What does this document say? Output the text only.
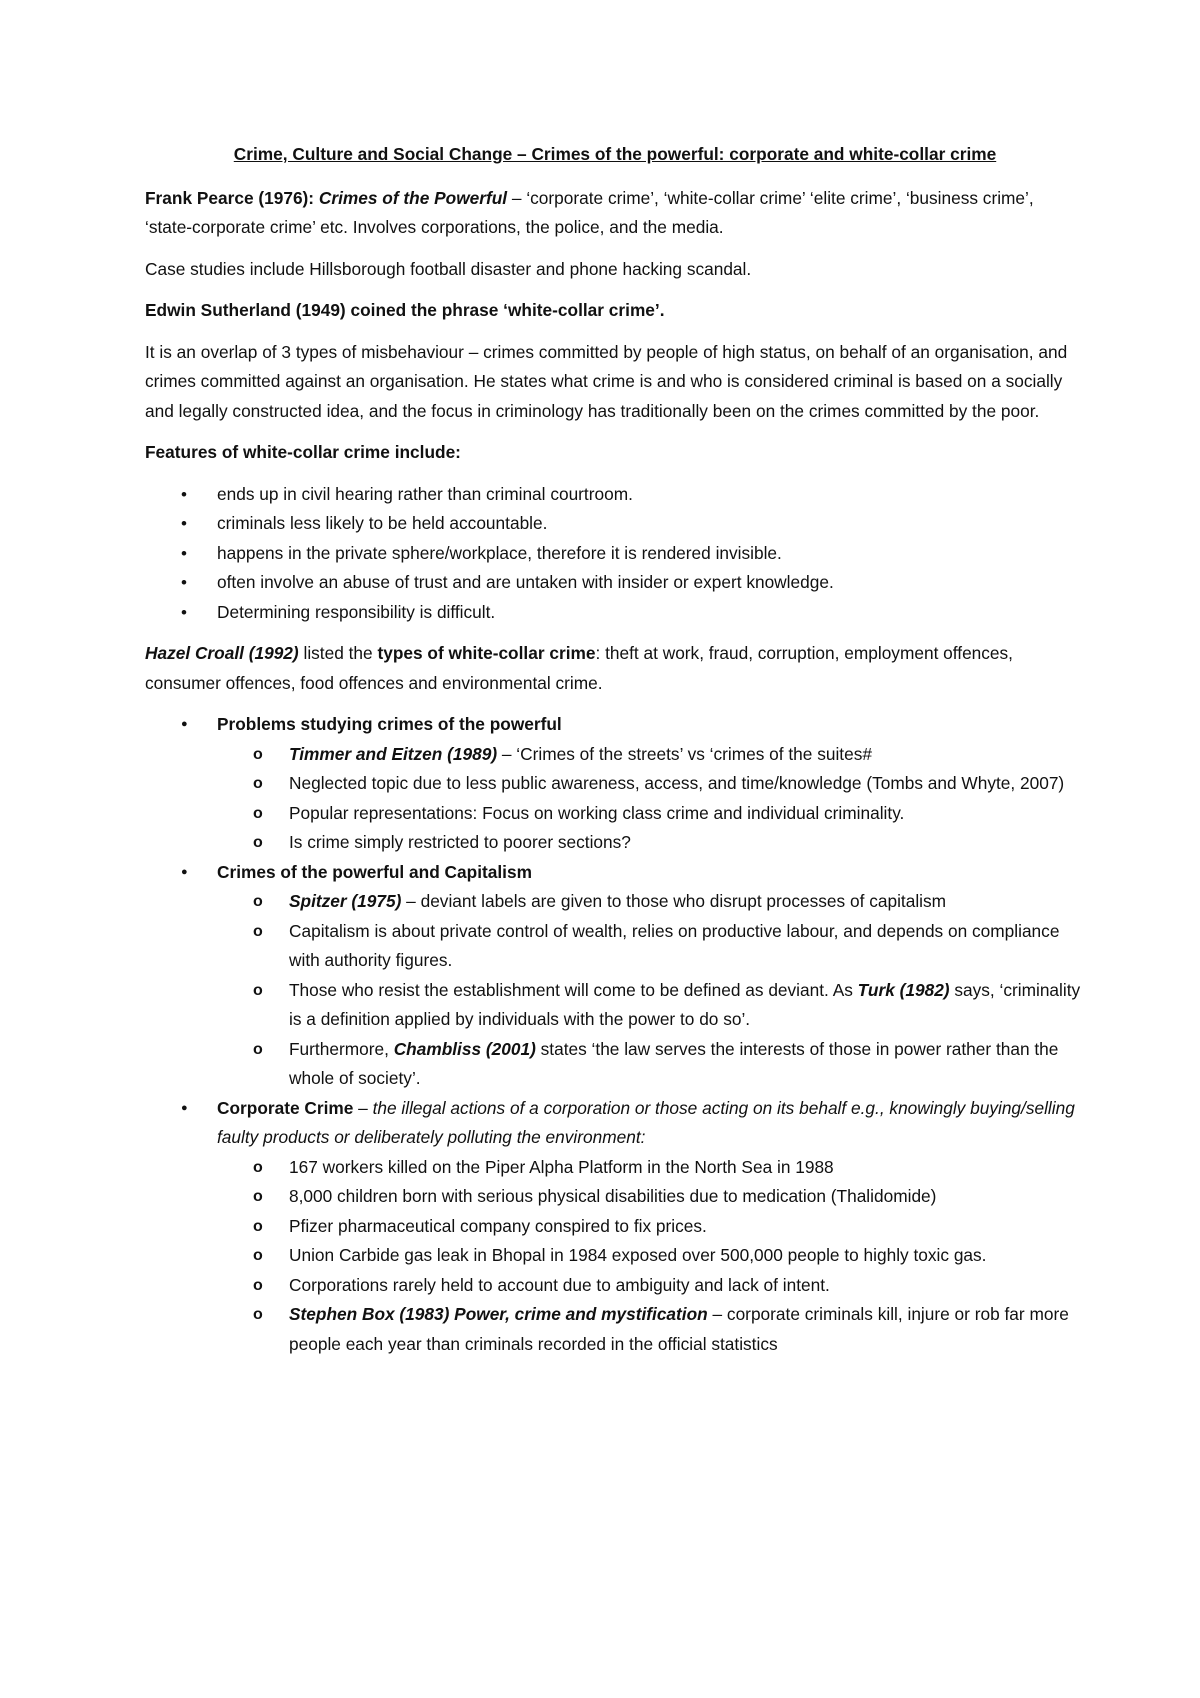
Crime, Culture and Social Change – Crimes of the powerful: corporate and white-collar crime

Frank Pearce (1976): Crimes of the Powerful – ‘corporate crime’, ‘white-collar crime’ ‘elite crime’, ‘business crime’, ‘state-corporate crime’ etc. Involves corporations, the police, and the media.

Case studies include Hillsborough football disaster and phone hacking scandal.

Edwin Sutherland (1949) coined the phrase ‘white-collar crime’.

It is an overlap of 3 types of misbehaviour – crimes committed by people of high status, on behalf of an organisation, and crimes committed against an organisation. He states what crime is and who is considered criminal is based on a socially and legally constructed idea, and the focus in criminology has traditionally been on the crimes committed by the poor.

Features of white-collar crime include:

• ends up in civil hearing rather than criminal courtroom.
• criminals less likely to be held accountable.
• happens in the private sphere/workplace, therefore it is rendered invisible.
• often involve an abuse of trust and are untaken with insider or expert knowledge.
• Determining responsibility is difficult.

Hazel Croall (1992) listed the types of white-collar crime: theft at work, fraud, corruption, employment offences, consumer offences, food offences and environmental crime.

● Problems studying crimes of the powerful
o Timmer and Eitzen (1989) – ‘Crimes of the streets’ vs ‘crimes of the suites#
o Neglected topic due to less public awareness, access, and time/knowledge (Tombs and Whyte, 2007)
o Popular representations: Focus on working class crime and individual criminality.
o Is crime simply restricted to poorer sections?
● Crimes of the powerful and Capitalism
o Spitzer (1975) – deviant labels are given to those who disrupt processes of capitalism
o Capitalism is about private control of wealth, relies on productive labour, and depends on compliance with authority figures.
o Those who resist the establishment will come to be defined as deviant. As Turk (1982) says, ‘criminality is a definition applied by individuals with the power to do so’.
o Furthermore, Chambliss (2001) states ‘the law serves the interests of those in power rather than the whole of society’.
● Corporate Crime – the illegal actions of a corporation or those acting on its behalf e.g., knowingly buying/selling faulty products or deliberately polluting the environment:
o 167 workers killed on the Piper Alpha Platform in the North Sea in 1988
o 8,000 children born with serious physical disabilities due to medication (Thalidomide)
o Pfizer pharmaceutical company conspired to fix prices.
o Union Carbide gas leak in Bhopal in 1984 exposed over 500,000 people to highly toxic gas.
o Corporations rarely held to account due to ambiguity and lack of intent.
o Stephen Box (1983) Power, crime and mystification – corporate criminals kill, injure or rob far more people each year than criminals recorded in the official statistics
